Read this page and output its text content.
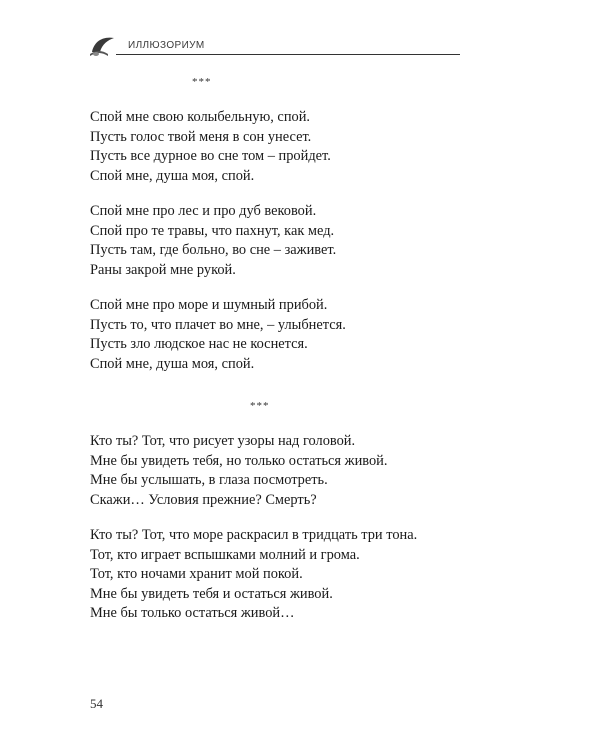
ИЛЛЮЗОРИУМ
***
Спой мне свою колыбельную, спой.
Пусть голос твой меня в сон унесет.
Пусть все дурное во сне том – пройдет.
Спой мне, душа моя, спой.
Спой мне про лес и про дуб вековой.
Спой про те травы, что пахнут, как мед.
Пусть там, где больно, во сне – заживет.
Раны закрой мне рукой.
Спой мне про море и шумный прибой.
Пусть то, что плачет во мне, – улыбнется.
Пусть зло людское нас не коснется.
Спой мне, душа моя, спой.
***
Кто ты? Тот, что рисует узоры над головой.
Мне бы увидеть тебя, но только остаться живой.
Мне бы услышать, в глаза посмотреть.
Скажи… Условия прежние? Смерть?
Кто ты? Тот, что море раскрасил в тридцать три тона.
Тот, кто играет вспышками молний и грома.
Тот, кто ночами хранит мой покой.
Мне бы увидеть тебя и остаться живой.
Мне бы только остаться живой…
54
